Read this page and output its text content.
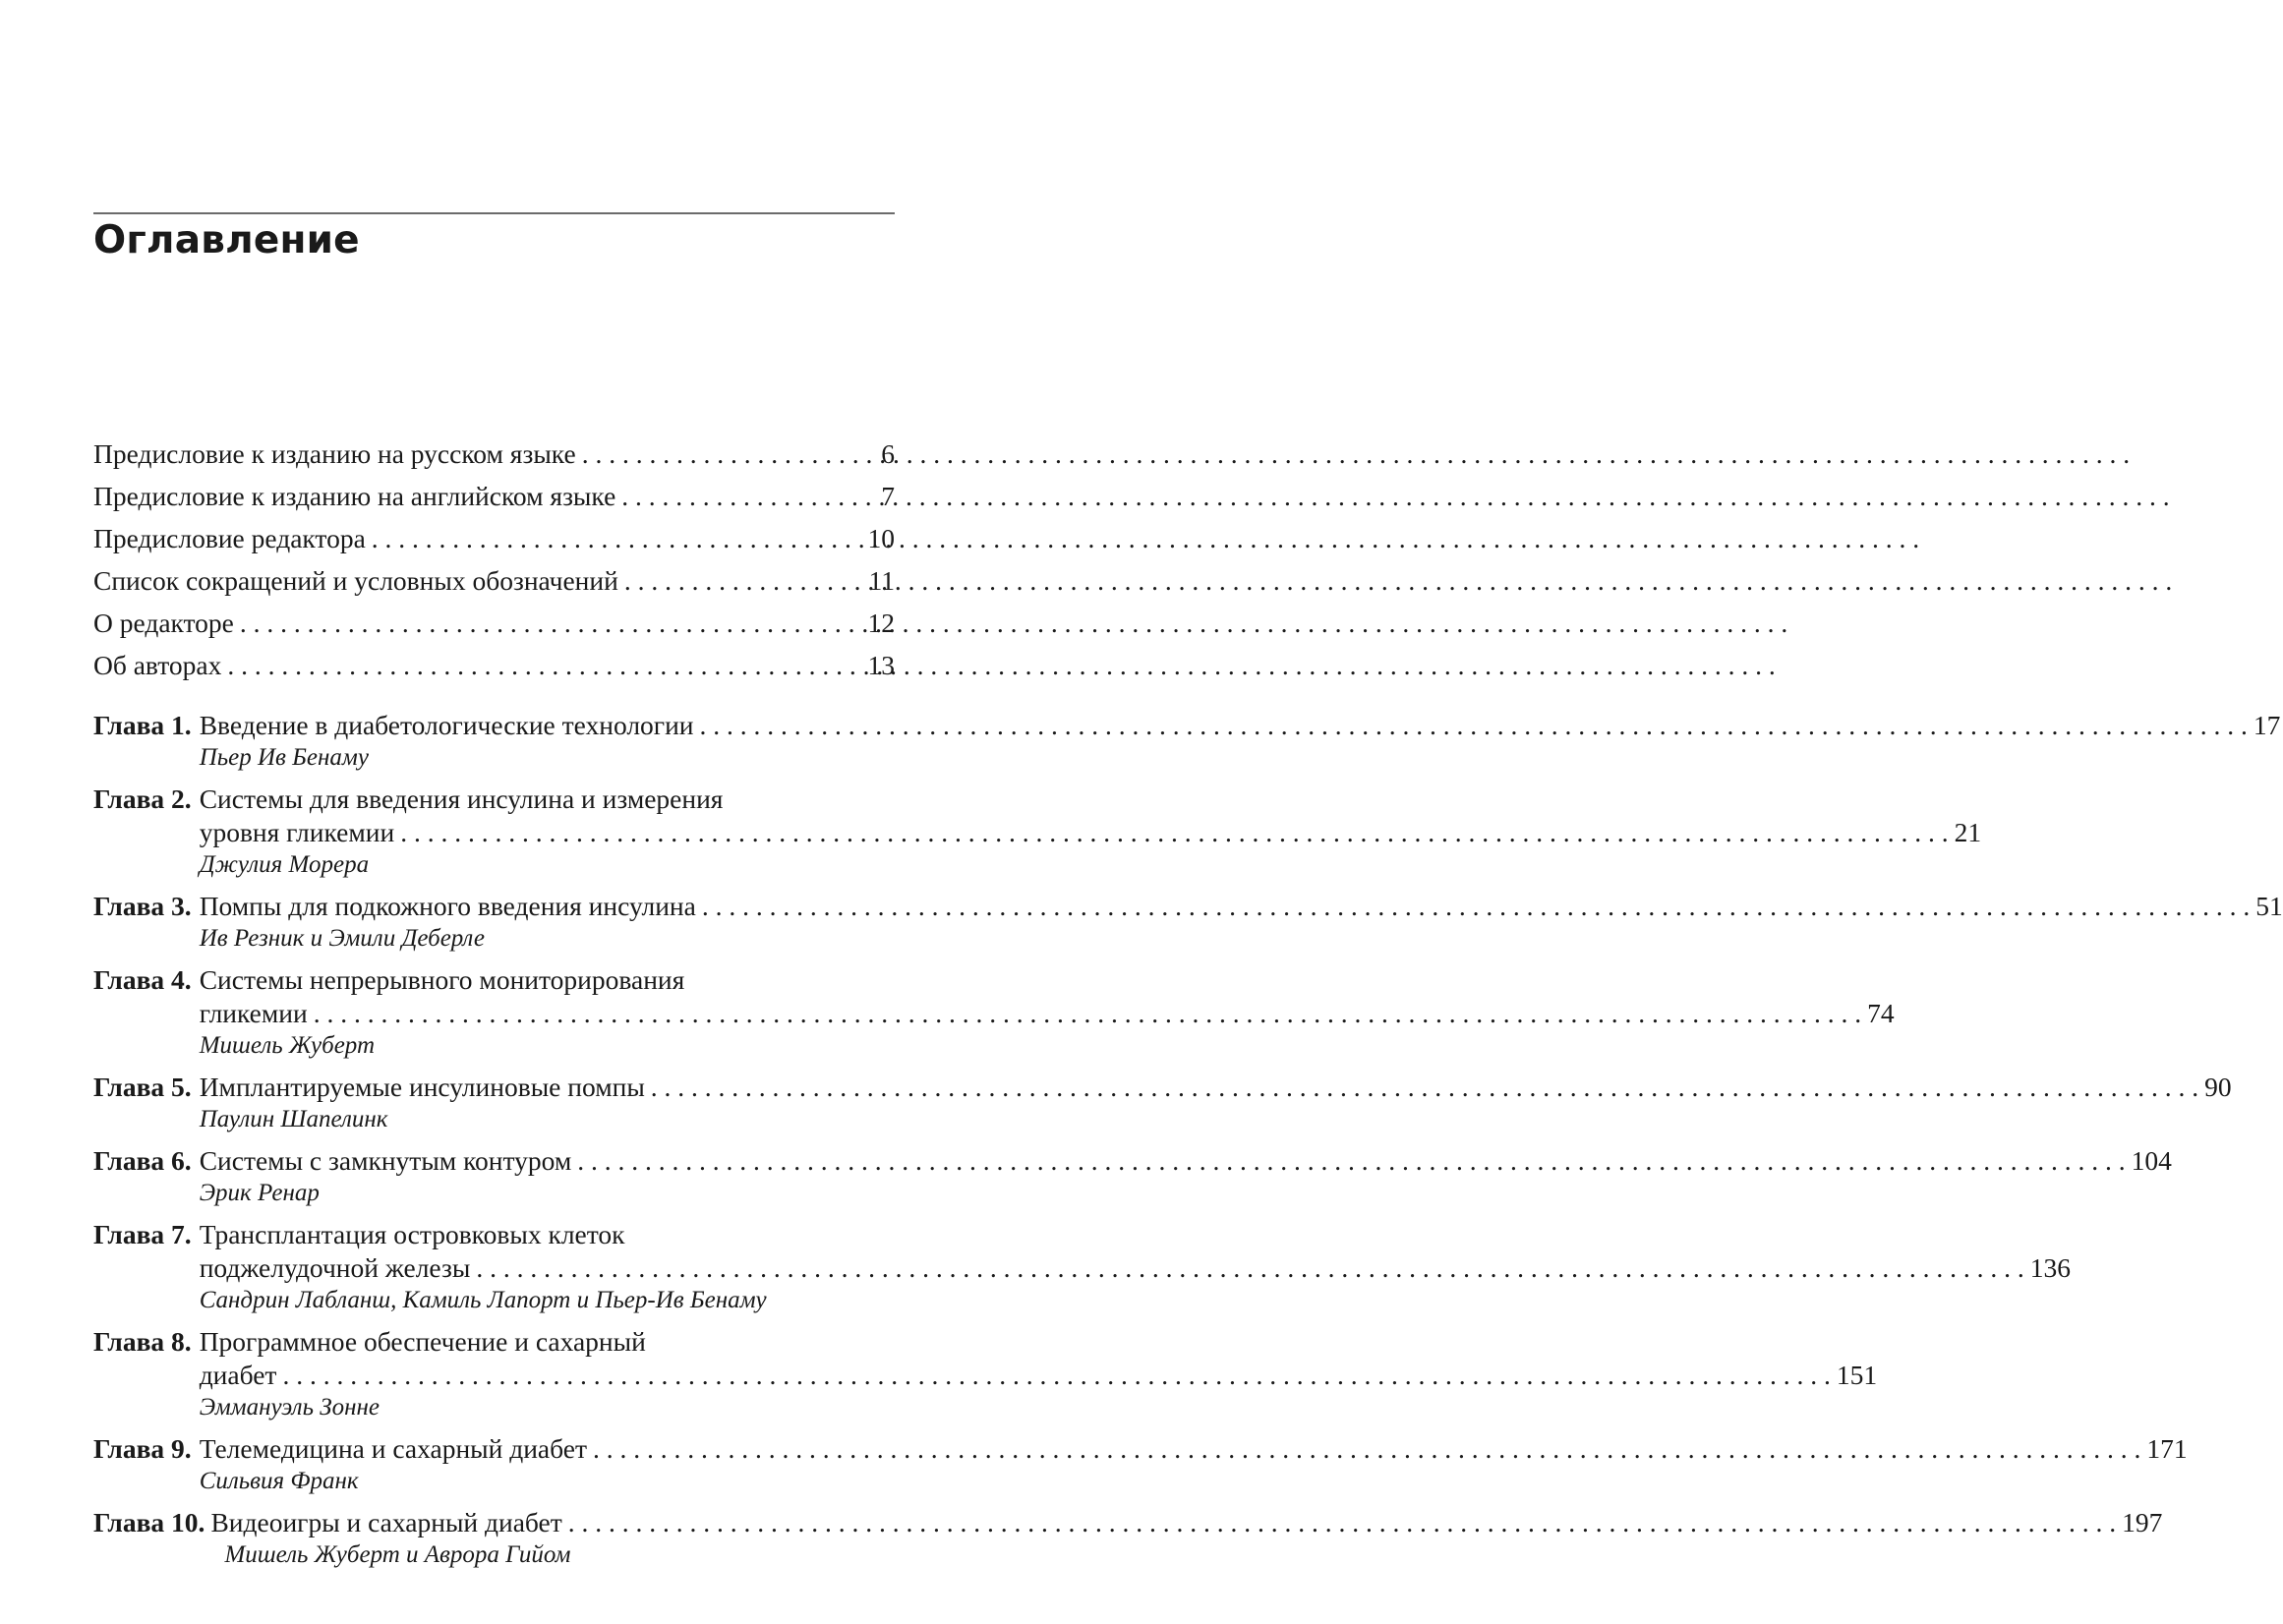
Оглавление
Предисловие к изданию на русском языке . . .	6
Предисловие к изданию на английском языке . . .	7
Предисловие редактора . . .	10
Список сокращений и условных обозначений . . .	11
О редакторе . . .	12
Об авторах . . .	13
Глава 1. Введение в диабетологические технологии . . .	17
Пьер Ив Бенаму
Глава 2. Системы для введения инсулина и измерения
уровня гликемии . . .	21
Джулия Морера
Глава 3. Помпы для подкожного введения инсулина . . .	51
Ив Резник и Эмили Деберле
Глава 4. Системы непрерывного мониторирования
гликемии . . .	74
Мишель Жуберт
Глава 5. Имплантируемые инсулиновые помпы . . .	90
Паулин Шапелинк
Глава 6. Системы с замкнутым контуром . . .	104
Эрик Ренар
Глава 7. Трансплантация островковых клеток
поджелудочной железы . . .	136
Сандрин Лабланш, Камиль Лапорт и Пьер-Ив Бенаму
Глава 8. Программное обеспечение и сахарный
диабет . . .	151
Эммануэль Зонне
Глава 9. Телемедицина и сахарный диабет . . .	171
Сильвия Франк
Глава 10. Видеоигры и сахарный диабет . . .	197
Мишель Жуберт и Аврора Гийом
